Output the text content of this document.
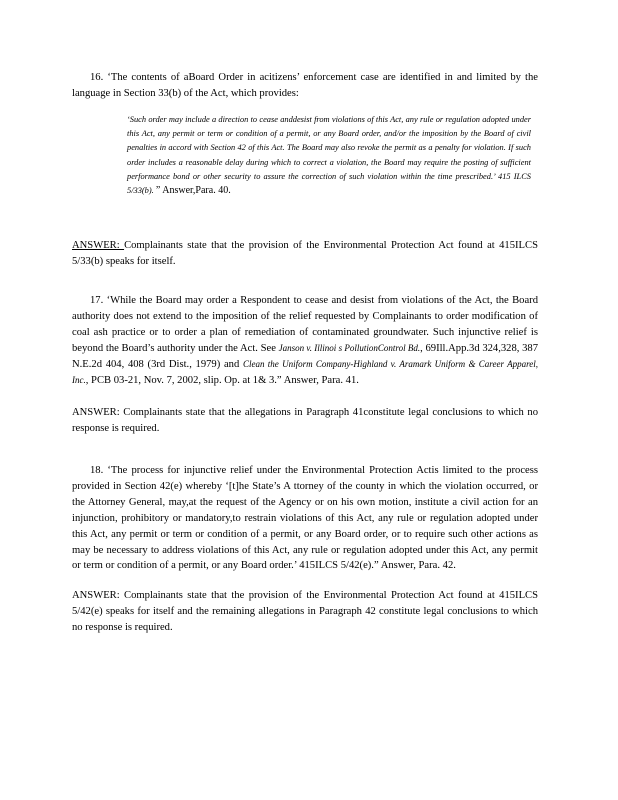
16. ‘The contents of aBoard Order in acitizens’ enforcement case are identified in and limited by the language in Section 33(b) of the Act, which provides:

‘Such order may include a direction to cease anddesist from violations of this Act, any rule or regulation adopted under this Act, any permit or term or condition of a permit, or any Board order, and/or the imposition by the Board of civil penalties in accord with Section 42 of this Act. The Board may also revoke the permit as a penalty for violation. If such order includes a reasonable delay during which to correct a violation, the Board may require the posting of sufficient performance bond or other security to assure the correction of such violation within the time prescribed.’ 415 ILCS 5/33(b). ” Answer,Para. 40.

ANSWER: Complainants state that the provision of the Environmental Protection Act found at 415ILCS 5/33(b) speaks for itself.

17. ‘While the Board may order a Respondent to cease and desist from violations of the Act, the Board authority does not extend to the imposition of the relief requested by Complainants to order modification of coal ash practice or to order a plan of remediation of contaminated groundwater. Such injunctive relief is beyond the Board’s authority under the Act. See Janson v. Illinoi s PollutionControl Bd., 69Ill.App.3d 324,328, 387 N.E.2d 404, 408 (3rd Dist., 1979) and Clean the Uniform Company-Highland v. Aramark Uniform & Career Apparel, Inc., PCB 03-21, Nov. 7, 2002, slip. Op. at 1& 3.” Answer, Para. 41.

ANSWER: Complainants state that the allegations in Paragraph 41constitute legal conclusions to which no response is required.

18. ‘The process for injunctive relief under the Environmental Protection Actis limited to the process provided in Section 42(e) whereby ‘[t]he State’s A ttorney of the county in which the violation occurred, or the Attorney General, may,at the request of the Agency or on his own motion, institute a civil action for an injunction, prohibitory or mandatory,to restrain violations of this Act, any rule or regulation adopted under this Act, any permit or term or condition of a permit, or any Board order, or to require such other actions as may be necessary to address violations of this Act, any rule or regulation adopted under this Act, any permit or term or condition of a permit, or any Board order.’ 415ILCS 5/42(e).” Answer, Para. 42.

ANSWER: Complainants state that the provision of the Environmental Protection Act found at 415ILCS 5/42(e) speaks for itself and the remaining allegations in Paragraph 42 constitute legal conclusions to which no response is required.
